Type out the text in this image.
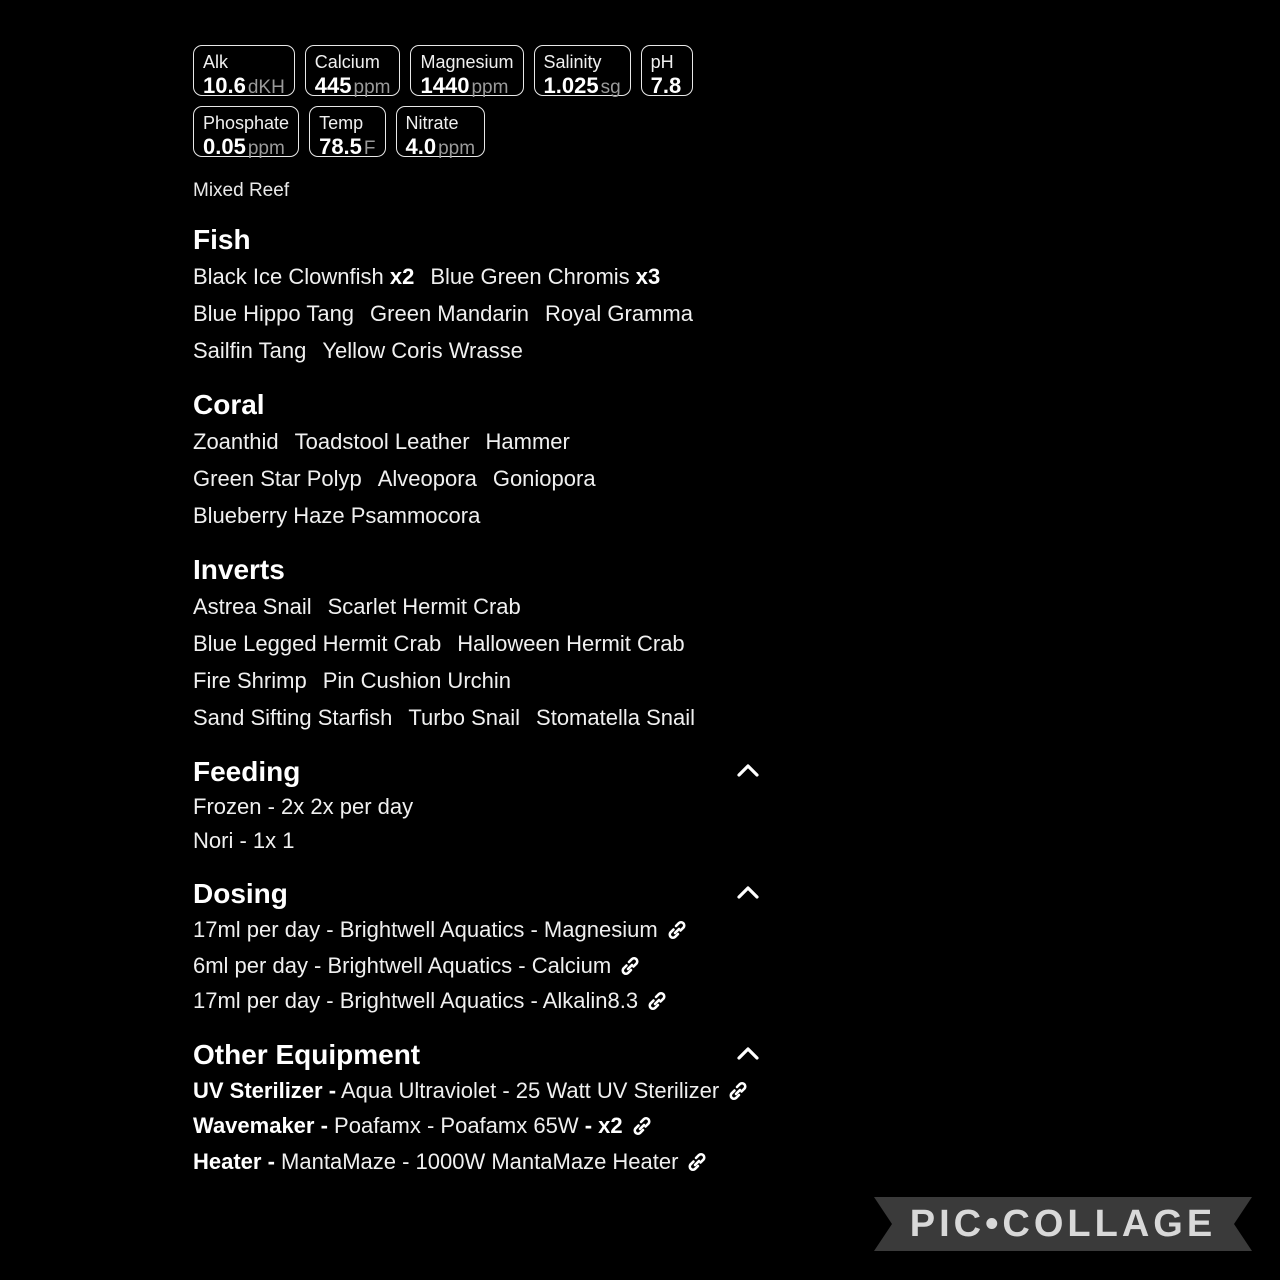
Alk
10.6 dKH
Calcium
445 ppm
Magnesium
1440 ppm
Salinity
1.025 sg
pH
7.8
Phosphate
0.05 ppm
Temp
78.5 F
Nitrate
4.0 ppm
Mixed Reef
Fish
Black Ice Clownfish x2 Blue Green Chromis x3
Blue Hippo Tang Green Mandarin Royal Gramma
Sailfin Tang Yellow Coris Wrasse
Coral
Zoanthid Toadstool Leather Hammer
Green Star Polyp Alveopora Goniopora
Blueberry Haze Psammocora
Inverts
Astrea Snail Scarlet Hermit Crab
Blue Legged Hermit Crab Halloween Hermit Crab
Fire Shrimp Pin Cushion Urchin
Sand Sifting Starfish Turbo Snail Stomatella Snail
Feeding
Frozen - 2x 2x per day
Nori - 1x 1
Dosing
17ml per day - Brightwell Aquatics - Magnesium
6ml per day - Brightwell Aquatics - Calcium
17ml per day - Brightwell Aquatics - Alkalin8.3
Other Equipment
UV Sterilizer - Aqua Ultraviolet - 25 Watt UV Sterilizer
Wavemaker - Poafamx - Poafamx 65W - x2
Heater - MantaMaze - 1000W MantaMaze Heater
PIC•COLLAGE
